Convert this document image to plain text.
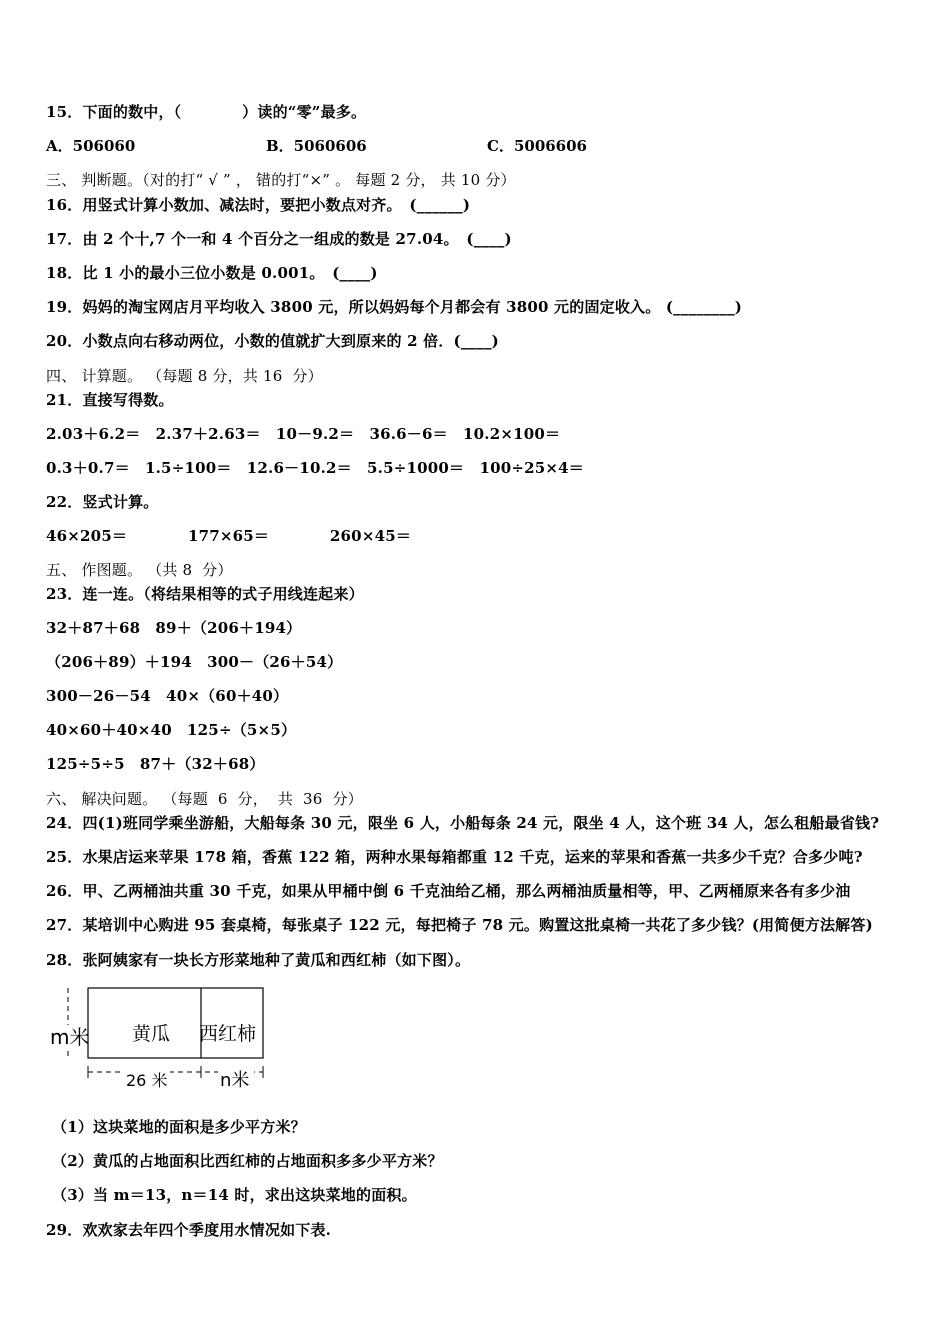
15．下面的数中，（　　　　）读的“零”最多。
A．506060	B．5060606	C．5006606
三、 判断题。（对的打“ √ ” ， 错的打“×” 。 每题 2 分， 共 10 分）
16．用竖式计算小数加、减法时，要把小数点对齐。　(______)
17．由 2 个十,7 个一和 4 个百分之一组成的数是 27.04。　(____)
18．比 1 小的最小三位小数是 0.001。　(____)
19．妈妈的淘宝网店月平均收入 3800 元，所以妈妈每个月都会有 3800 元的固定收入。 (________)
20．小数点向右移动两位，小数的值就扩大到原来的 2 倍．(____)
四、 计算题。 （每题 8 分，共 16  分）
21．直接写得数。
2.03＋6.2＝　2.37＋2.63＝　10－9.2＝　36.6－6＝　10.2×100＝
0.3＋0.7＝　1.5÷100＝　12.6－10.2＝　5.5÷1000＝　100÷25×4＝
22．竖式计算。
46×205＝　　　　177×65＝　　　　260×45＝
五、 作图题。 （共 8  分）
23．连一连。（将结果相等的式子用线连起来）
32＋87＋68　89＋（206＋194）
（206＋89）＋194　300－（26＋54）
300－26－54　40×（60＋40）
40×60＋40×40　125÷（5×5）
125÷5÷5　87＋（32＋68）
六、 解决问题。 （每题  6  分，  共  36  分）
24．四(1)班同学乘坐游船，大船每条 30 元，限坐 6 人，小船每条 24 元，限坐 4 人，这个班 34 人，怎么租船最省钱?
25．水果店运来苹果 178 箱，香蕉 122 箱，两种水果每箱都重 12 千克，运来的苹果和香蕉一共多少千克？合多少吨?
26．甲、乙两桶油共重 30 千克，如果从甲桶中倒 6 千克油给乙桶，那么两桶油质量相等，甲、乙两桶原来各有多少油
27．某培训中心购进 95 套桌椅，每张桌子 122 元，每把椅子 78 元。购置这批桌椅一共花了多少钱？(用简便方法解答)
28．张阿姨家有一块长方形菜地种了黄瓜和西红柿（如下图）。
m米 黄瓜 西红柿
26 米	n米
（1）这块菜地的面积是多少平方米？
（2）黄瓜的占地面积比西红柿的占地面积多多少平方米？
（3）当 m＝13，n＝14 时，求出这块菜地的面积。
29．欢欢家去年四个季度用水情况如下表.
